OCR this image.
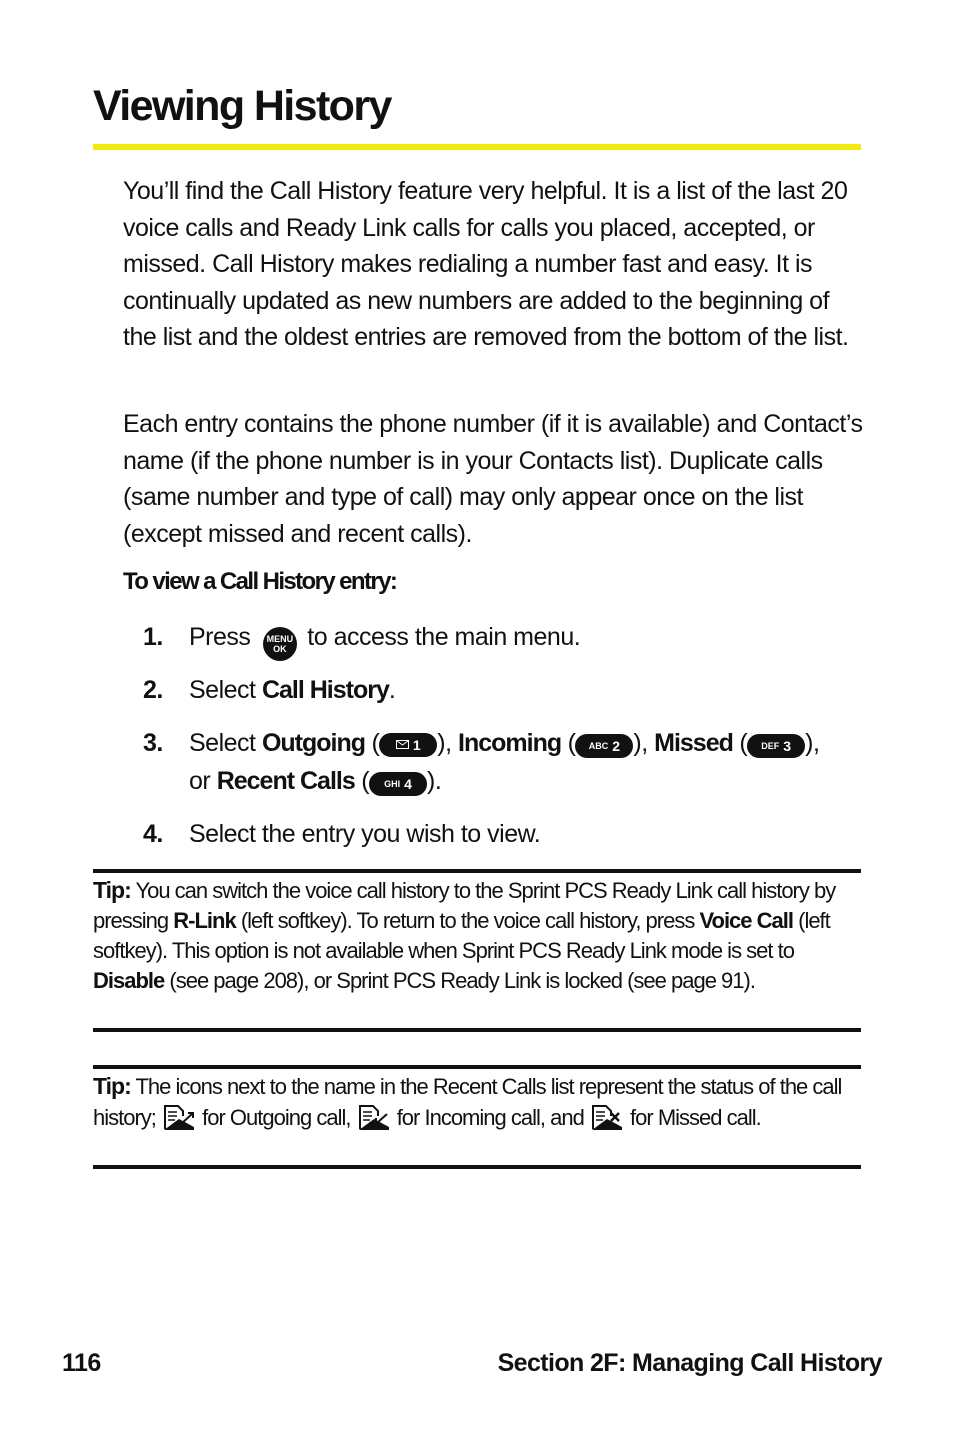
Viewing History

You’ll find the Call History feature very helpful. It is a list of the last 20 voice calls and Ready Link calls for calls you placed, accepted, or missed. Call History makes redialing a number fast and easy. It is continually updated as new numbers are added to the beginning of the list and the oldest entries are removed from the bottom of the list.

Each entry contains the phone number (if it is available) and Contact’s name (if the phone number is in your Contacts list). Duplicate calls (same number and type of call) may only appear once on the list (except missed and recent calls).

To view a Call History entry:

1. Press MENU
OK to access the main menu.
2. Select Call History.
3. Select Outgoing ( 1 ), Incoming ( ABC 2 ), Missed ( DEF 3 ),
or Recent Calls ( GHI 4 ).
4. Select the entry you wish to view.

Tip: You can switch the voice call history to the Sprint PCS Ready Link call history by pressing R-Link (left softkey). To return to the voice call history, press Voice Call (left softkey). This option is not available when Sprint PCS Ready Link mode is set to Disable (see page 208), or Sprint PCS Ready Link is locked (see page 91).

Tip: The icons next to the name in the Recent Calls list represent the status of the call history;  for Outgoing call,  for Incoming call, and  for Missed call.

116	Section 2F: Managing Call History
